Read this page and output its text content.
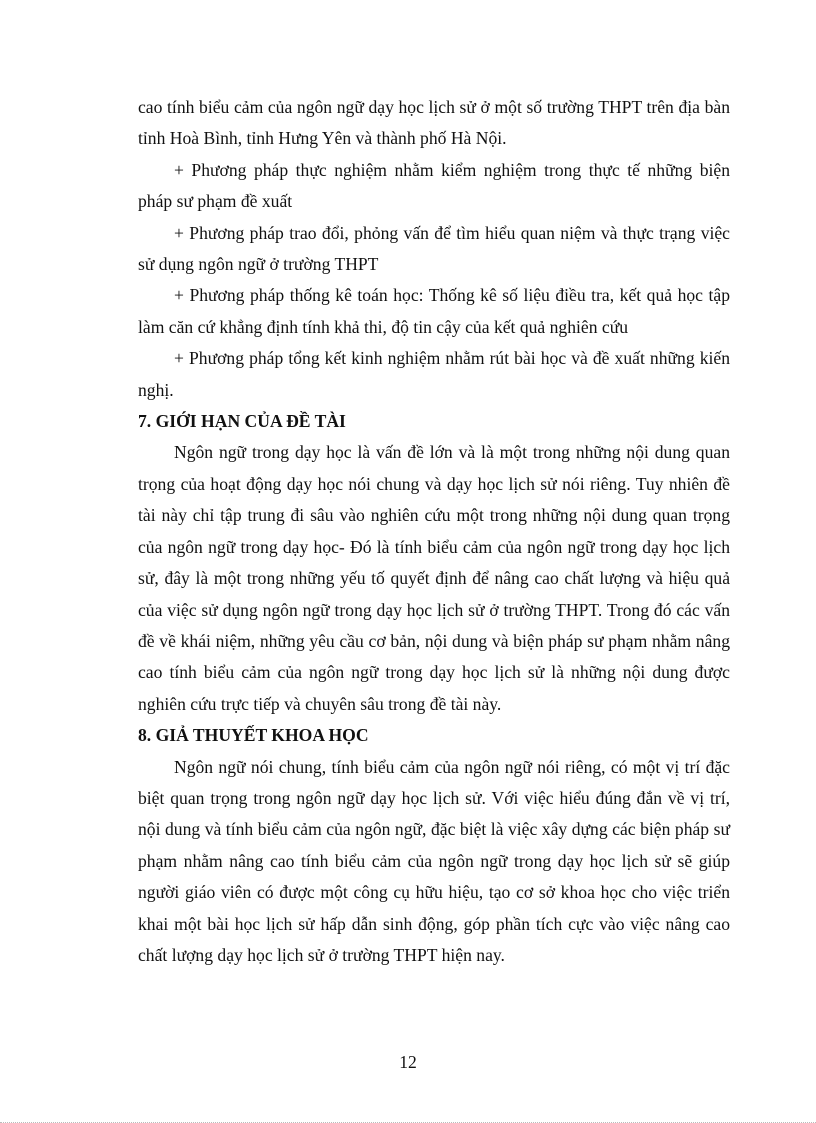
cao tính biểu cảm của ngôn ngữ dạy học lịch sử ở một số trường THPT trên địa bàn tỉnh Hoà Bình, tỉnh Hưng Yên và thành phố Hà Nội.

+ Phương pháp thực nghiệm nhằm kiểm nghiệm trong thực tế những biện pháp sư phạm đề xuất

+ Phương pháp trao đổi, phỏng vấn để tìm hiểu quan niệm và thực trạng việc sử dụng ngôn ngữ ở trường THPT

+ Phương pháp thống kê toán học: Thống kê số liệu điều tra, kết quả học tập làm căn cứ khẳng định tính khả thi, độ tin cậy của kết quả nghiên cứu

+ Phương pháp tổng kết kinh nghiệm nhằm rút bài học và đề xuất những kiến nghị.

7. GIỚI HẠN CỦA ĐỀ TÀI

Ngôn ngữ trong dạy học là vấn đề lớn và là một trong những nội dung quan trọng của hoạt động dạy học nói chung và dạy học lịch sử nói riêng. Tuy nhiên đề tài này chỉ tập trung đi sâu vào nghiên cứu một trong những nội dung quan trọng của ngôn ngữ trong dạy học- Đó là tính biểu cảm của ngôn ngữ trong dạy học lịch sử, đây là một trong những yếu tố quyết định để nâng cao chất lượng và hiệu quả của việc sử dụng ngôn ngữ trong dạy học lịch sử ở trường THPT. Trong đó các vấn đề về khái niệm, những yêu cầu cơ bản, nội dung và biện pháp sư phạm nhằm nâng cao tính biểu cảm của ngôn ngữ trong dạy học lịch sử là những nội dung được nghiên cứu trực tiếp và chuyên sâu trong đề tài này.

8. GIẢ THUYẾT KHOA HỌC

Ngôn ngữ nói chung, tính biểu cảm của ngôn ngữ nói riêng, có một vị trí đặc biệt quan trọng trong ngôn ngữ dạy học lịch sử. Với việc hiểu đúng đắn về vị trí, nội dung và tính biểu cảm của ngôn ngữ, đặc biệt là việc xây dựng các biện pháp sư phạm nhằm nâng cao tính biểu cảm của ngôn ngữ trong dạy học lịch sử sẽ giúp người giáo viên có được một công cụ hữu hiệu, tạo cơ sở khoa học cho việc triển khai một bài học lịch sử hấp dẫn sinh động, góp phần tích cực vào việc nâng cao chất lượng dạy học lịch sử ở trường THPT hiện nay.

12
